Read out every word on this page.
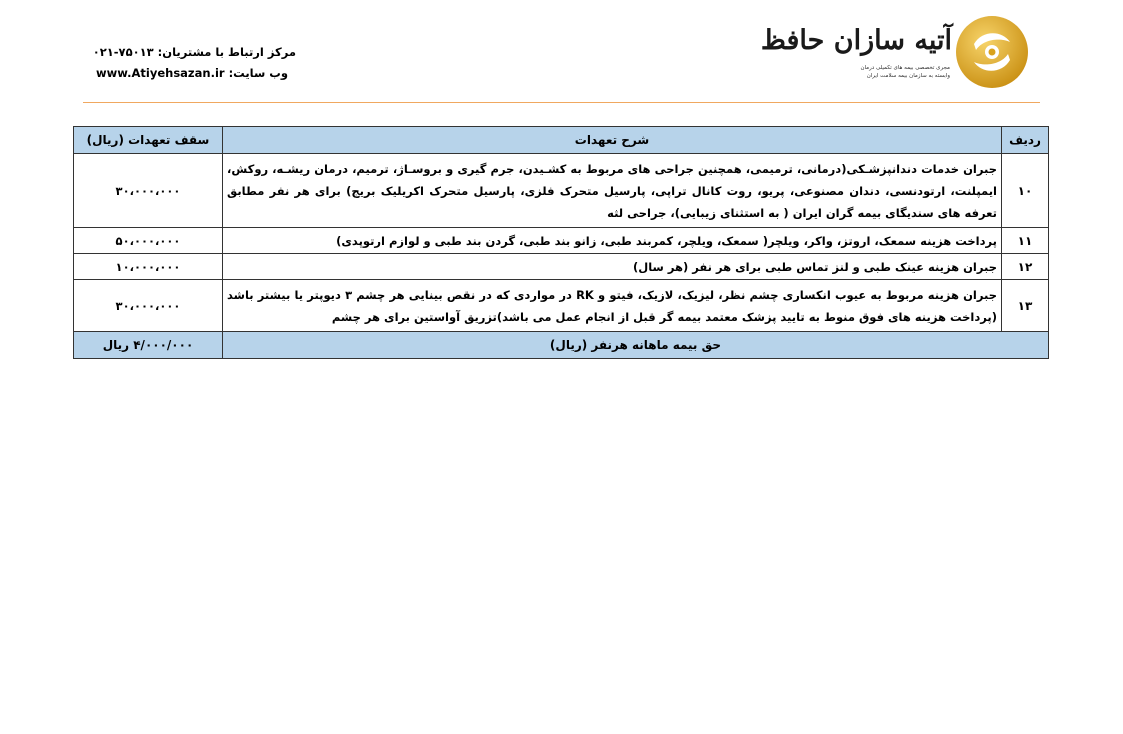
مرکز ارتباط با مشتریان: ۰۲۱-۷۵۰۱۳
وب سایت: www.Atiyehsazan.ir
آتیه سازان حافظ
مجری تخصصی بیمه های تکمیلی درمان
وابسته به سازمان بیمه سلامت ایران
ردیف	شرح تعهدات	سقف تعهدات (ریال)
۱۰	جبران خدمات دندانپزشـکی(درمانی، ترمیمی، همچنین جراحی های مربوط به کشـیدن، جرم گیری و بروسـاژ، ترمیم، درمان ریشـه، روکش، ایمپلنت، ارتودنسی، دندان مصنوعی، پریو، روت کانال تراپی، پارسیل متحرک فلزی، پارسیل متحرک اکریلیک بریج) برای هر نفر مطابق تعرفه های سندیگای بیمه گران ایران ( به استثنای زیبایی)، جراحی لثه	۳۰،۰۰۰،۰۰۰
۱۱	پرداخت هزینه سمعک، اروتز، واکر، ویلچر( سمعک، ویلچر، کمربند طبی، زانو بند طبی، گردن بند طبی و لوازم ارتوپدی)	۵۰،۰۰۰،۰۰۰
۱۲	جبران هزینه عینک طبی و لنز تماس طبی برای هر نفر (هر سال)	۱۰،۰۰۰،۰۰۰
۱۳	جبران هزینه مربوط به عیوب انکساری چشم نظر، لیزیک، لازیک، فیتو و RK در مواردی که در نقص بینایی هر چشم ۳ دیوپتر یا بیشتر باشد (پرداخت هزینه های فوق منوط به تایید پزشک معتمد بیمه گر قبل از انجام عمل می باشد)تزریق آواستین برای هر چشم	۳۰،۰۰۰،۰۰۰
حق بیمه ماهانه هرنفر (ریال)		۴/۰۰۰/۰۰۰ ریال
